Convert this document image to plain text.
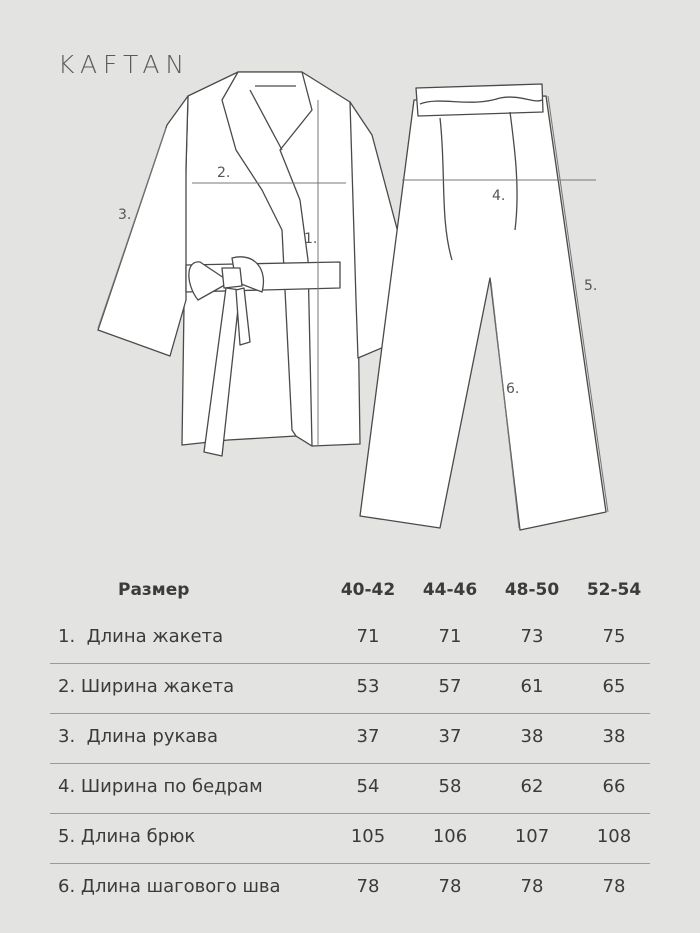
KAFTAN
1.
2.
3.
4.
5.
6.
Размер	40-42	44-46	48-50	52-54
1.  Длина жакета	71	71	73	75
2. Ширина жакета	53	57	61	65
3.  Длина рукава	37	37	38	38
4. Ширина по бедрам	54	58	62	66
5. Длина брюк	105	106	107	108
6. Длина шагового шва	78	78	78	78
